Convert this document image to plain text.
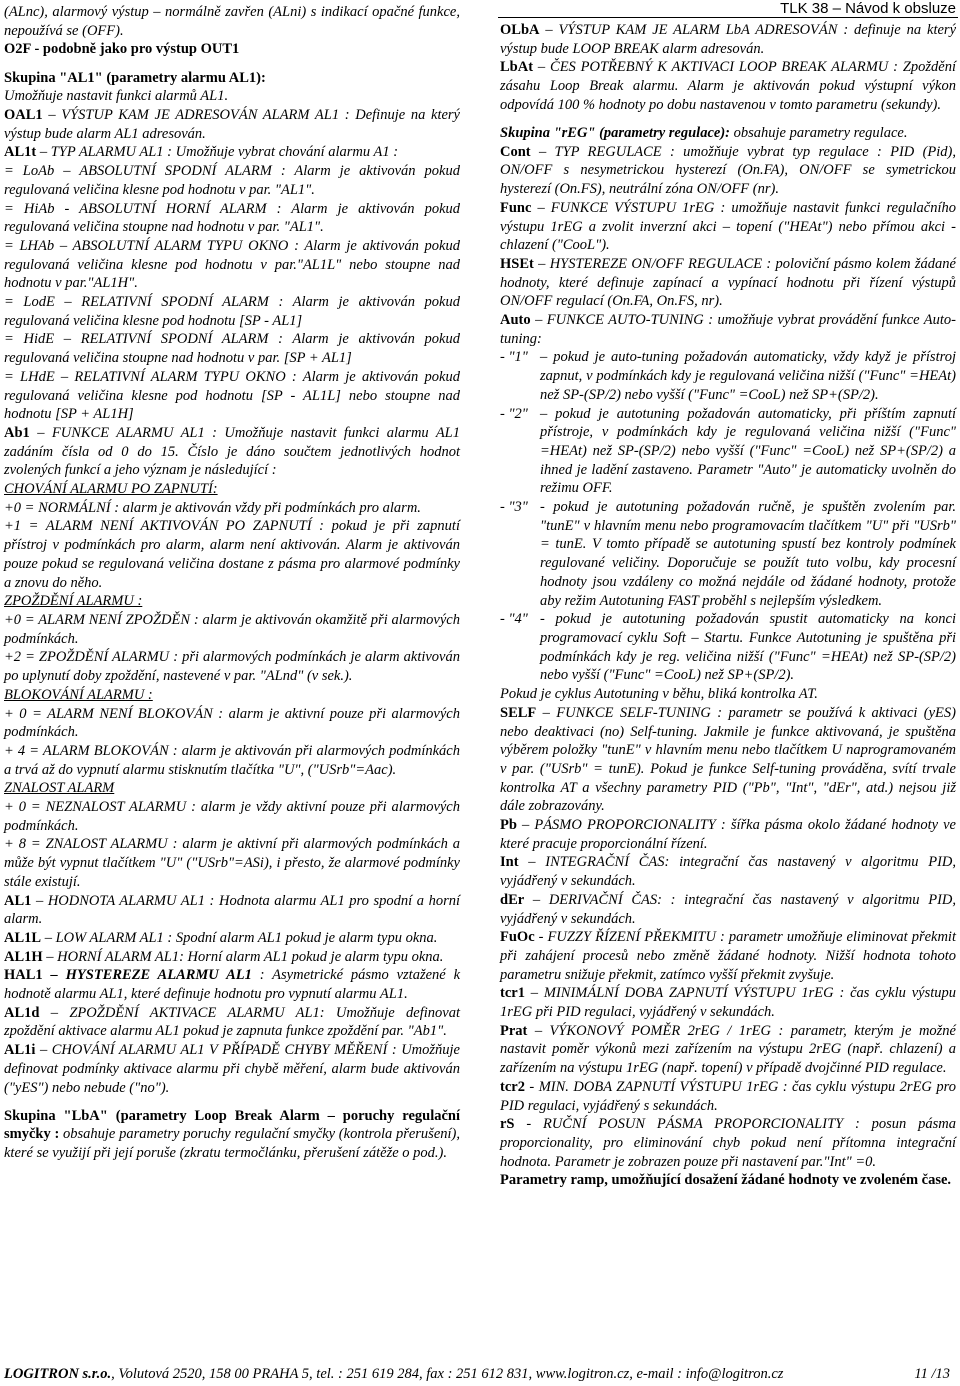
TLK 38 – Návod k obsluze

(ALnc), alarmový výstup – normálně zavřen (ALni) s indikací opačné funkce, nepoužívá se (OFF).

O2F - podobně jako pro výstup OUT1

Skupina "AL1" (parametry alarmu AL1):

Umožňuje nastavit funkci alarmů AL1.

OAL1 – VÝSTUP KAM JE ADRESOVÁN ALARM AL1 : Definuje na který výstup bude alarm AL1 adresován.

AL1t – TYP ALARMU AL1 : Umožňuje vybrat chování alarmu A1 :

= LoAb – ABSOLUTNÍ SPODNÍ ALARM : Alarm je aktivován pokud regulovaná veličina klesne pod hodnotu v par. "AL1".

= HiAb - ABSOLUTNÍ HORNÍ ALARM : Alarm je aktivován pokud regulovaná veličina stoupne nad hodnotu v par. "AL1".

= LHAb – ABSOLUTNÍ ALARM TYPU OKNO : Alarm je aktivován pokud regulovaná veličina klesne pod hodnotu v par."AL1L" nebo stoupne nad hodnotu v par."AL1H".

= LodE – RELATIVNÍ SPODNÍ ALARM : Alarm je aktivován pokud regulovaná veličina klesne pod hodnotu [SP - AL1]

= HidE – RELATIVNÍ SPODNÍ ALARM : Alarm je aktivován pokud regulovaná veličina stoupne nad hodnotu v par. [SP + AL1]

= LHdE – RELATIVNÍ ALARM TYPU OKNO : Alarm je aktivován pokud regulovaná veličina klesne pod hodnotu [SP - AL1L] nebo stoupne nad hodnotu [SP + AL1H]

Ab1 – FUNKCE ALARMU AL1 : Umožňuje nastavit funkci alarmu AL1 zadáním čísla od 0 do 15. Číslo je dáno součtem jednotlivých hodnot zvolených funkcí a jeho význam je následující :

CHOVÁNÍ ALARMU PO ZAPNUTÍ:

+0 = NORMÁLNÍ : alarm je aktivován vždy při podmínkách pro alarm.

+1 = ALARM NENÍ AKTIVOVÁN PO ZAPNUTÍ : pokud je při zapnutí přístroj v podmínkách pro alarm, alarm není aktivován. Alarm je aktivován pouze pokud se regulovaná veličina dostane z pásma pro alarmové podmínky a znovu do něho.

ZPOŽDĚNÍ ALARMU :

+0 = ALARM NENÍ ZPOŽDĚN : alarm je aktivován okamžitě při alarmových podmínkách.

+2 = ZPOŽDĚNÍ ALARMU : při alarmových podmínkách je alarm aktivován po uplynutí doby zpoždění, nastevené v par. "ALnd" (v sek.).

BLOKOVÁNÍ ALARMU :

+ 0 = ALARM NENÍ BLOKOVÁN : alarm je aktivní pouze při alarmových podmínkách.

+ 4 = ALARM BLOKOVÁN : alarm je aktivován při alarmových podmínkách a trvá až do vypnutí alarmu stisknutím tlačítka "U", ("USrb"=Aac).

ZNALOST ALARM

+ 0 = NEZNALOST ALARMU : alarm je vždy aktivní pouze při alarmových podmínkách.

+ 8 = ZNALOST ALARMU : alarm je aktivní při alarmových podmínkách a může být vypnut tlačítkem "U" ("USrb"=ASi), i přesto, že alarmové podmínky stále existují.

AL1 – HODNOTA ALARMU AL1 : Hodnota alarmu AL1 pro spodní a horní alarm.

AL1L – LOW ALARM AL1 : Spodní alarm AL1 pokud je alarm typu okna.

AL1H – HORNÍ ALARM AL1: Horní alarm AL1 pokud je alarm typu okna.

HAL1 – HYSTEREZE ALARMU AL1 : Asymetrické pásmo vztažené k hodnotě alarmu AL1, které definuje hodnotu pro vypnutí alarmu AL1.

AL1d – ZPOŽDĚNÍ AKTIVACE ALARMU AL1: Umožňuje definovat zpoždění aktivace alarmu AL1 pokud je zapnuta funkce zpoždění par. "Ab1".

AL1i – CHOVÁNÍ ALARMU AL1 V PŘÍPADĚ CHYBY MĚŘENÍ : Umožňuje definovat podmínky aktivace alarmu při chybě měření, alarm bude aktivován ("yES") nebo nebude ("no").

Skupina "LbA" (parametry Loop Break Alarm – poruchy regulační smyčky : obsahuje parametry poruchy regulační smyčky (kontrola přerušení), které se využijí při její poruše (zkratu termočlánku, přerušení zátěže o pod.).

OLbA – VÝSTUP KAM JE ALARM LbA ADRESOVÁN : definuje na který výstup bude LOOP BREAK alarm adresován.

LbAt – ČES POTŘEBNÝ K AKTIVACI LOOP BREAK ALARMU : Zpoždění zásahu Loop Break alarmu. Alarm je aktivován pokud výstupní výkon odpovídá 100 % hodnoty po dobu nastavenou v tomto parametru (sekundy).

Skupina "rEG" (parametry regulace): obsahuje parametry regulace.

Cont – TYP REGULACE : umožňuje vybrat typ regulace : PID (Pid), ON/OFF s nesymetrickou hysterezí (On.FA), ON/OFF se symetrickou hysterezí (On.FS), neutrální zóna ON/OFF (nr).

Func – FUNKCE VÝSTUPU 1rEG : umožňuje nastavit funkci regulačního výstupu 1rEG a zvolit inverzní akci – topení ("HEAt") nebo přímou akci - chlazení ("CooL").

HSEt – HYSTEREZE ON/OFF REGULACE : poloviční pásmo kolem žádané hodnoty, které definuje zapínací a vypínací hodnotu při řízení výstupů ON/OFF regulací (On.FA, On.FS, nr).

Auto – FUNKCE AUTO-TUNING : umožňuje vybrat provádění funkce Auto-tuning:

- "1" – pokud je auto-tuning požadován automaticky, vždy když je přístroj zapnut, v podmínkách kdy je regulovaná veličina nižší ("Func" =HEAt) než SP-(SP/2) nebo vyšší ("Func" =CooL) než SP+(SP/2).
- "2" – pokud je autotuning požadován automaticky, při příštím zapnutí přístroje, v podmínkách kdy je regulovaná veličina nižší ("Func" =HEAt) než SP-(SP/2) nebo vyšší ("Func" =CooL) než SP+(SP/2) a ihned je ladění zastaveno. Parametr "Auto" je automaticky uvolněn do režimu OFF.
- "3" - pokud je autotuning požadován ručně, je spuštěn zvolením par. "tunE" v hlavním menu nebo programovacím tlačítkem "U" při "USrb" = tunE. V tomto případě se autotuning spustí bez kontroly podmínek regulované veličiny. Doporučuje se použít tuto volbu, kdy procesní hodnoty jsou vzdáleny co možná nejdále od žádané hodnoty, protože aby režim Autotuning FAST proběhl s nejlepším výsledkem.
- "4" - pokud je autotuning požadován spustit automaticky na konci programovací cyklu Soft – Startu. Funkce Autotuning je spuštěna při podmínkách kdy je reg. veličina nižší ("Func" =HEAt) než SP-(SP/2) nebo vyšší ("Func" =CooL) než SP+(SP/2).

Pokud je cyklus Autotuning v běhu, bliká kontrolka AT.

SELF – FUNKCE SELF-TUNING : parametr se používá k aktivaci (yES) nebo deaktivaci (no) Self-tuning. Jakmile je funkce aktivovaná, je spuštěna výběrem položky "tunE" v hlavním menu nebo tlačítkem U naprogramovaném v par. ("USrb" = tunE). Pokud je funkce Self-tuning prováděna, svítí trvale kontrolka AT a všechny parametry PID ("Pb", "Int", "dEr", atd.) nejsou již dále zobrazovány.

Pb – PÁSMO PROPORCIONALITY : šířka pásma okolo žádané hodnoty ve které pracuje proporcionální řízení.

Int – INTEGRAČNÍ ČAS: integrační čas nastavený v algoritmu PID, vyjádřený v sekundách.

dEr – DERIVAČNÍ ČAS: : integrační čas nastavený v algoritmu PID, vyjádřený v sekundách.

FuOc - FUZZY ŘÍZENÍ PŘEKMITU : parametr umožňuje eliminovat překmit při zahájení procesů nebo změně žádané hodnoty. Nižší hodnota tohoto parametru snižuje překmit, zatímco vyšší překmit zvyšuje.

tcr1 – MINIMÁLNÍ DOBA ZAPNUTÍ VÝSTUPU 1rEG : čas cyklu výstupu 1rEG při PID regulaci, vyjádřený v sekundách.

Prat – VÝKONOVÝ POMĚR 2rEG / 1rEG : parametr, kterým je možné nastavit poměr výkonů mezi zařízením na výstupu 2rEG (např. chlazení) a zařízením na výstupu 1rEG (např. topení) v případě dvojčinné PID regulace.

tcr2 - MIN. DOBA ZAPNUTÍ VÝSTUPU 1rEG : čas cyklu výstupu 2rEG pro PID regulaci, vyjádřený s sekundách.

rS - RUČNÍ POSUN PÁSMA PROPORCIONALITY : posun pásma proporcionality, pro eliminování chyb pokud není přítomna integrační hodnota. Parametr je zobrazen pouze při nastavení par."Int" =0.

Parametry ramp, umožňující dosažení žádané hodnoty ve zvoleném čase.

LOGITRON s.r.o., Volutová 2520, 158 00 PRAHA 5, tel. : 251 619 284, fax : 251 612 831, www.logitron.cz, e-mail : info@logitron.cz	11 /13
